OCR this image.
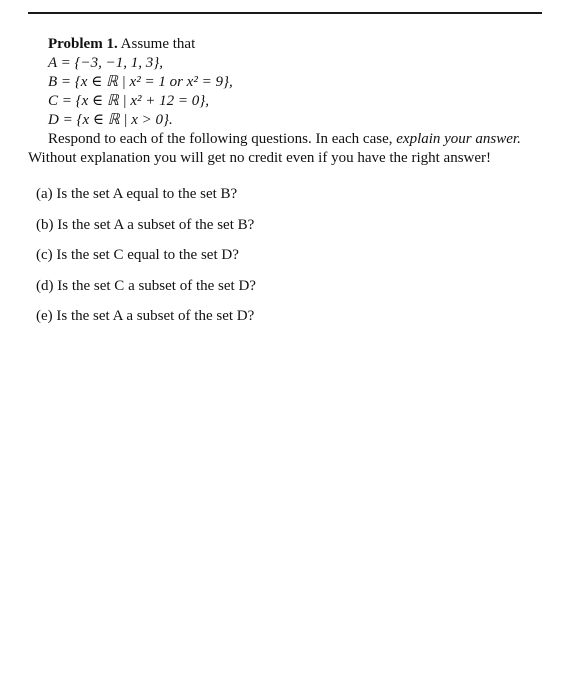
Problem 1. Assume that
A = {−3, −1, 1, 3},
B = {x ∈ ℝ | x² = 1 or x² = 9},
C = {x ∈ ℝ | x² + 12 = 0},
D = {x ∈ ℝ | x > 0}.
Respond to each of the following questions. In each case, explain your answer.
Without explanation you will get no credit even if you have the right answer!
(a) Is the set A equal to the set B?
(b) Is the set A a subset of the set B?
(c) Is the set C equal to the set D?
(d) Is the set C a subset of the set D?
(e) Is the set A a subset of the set D?
